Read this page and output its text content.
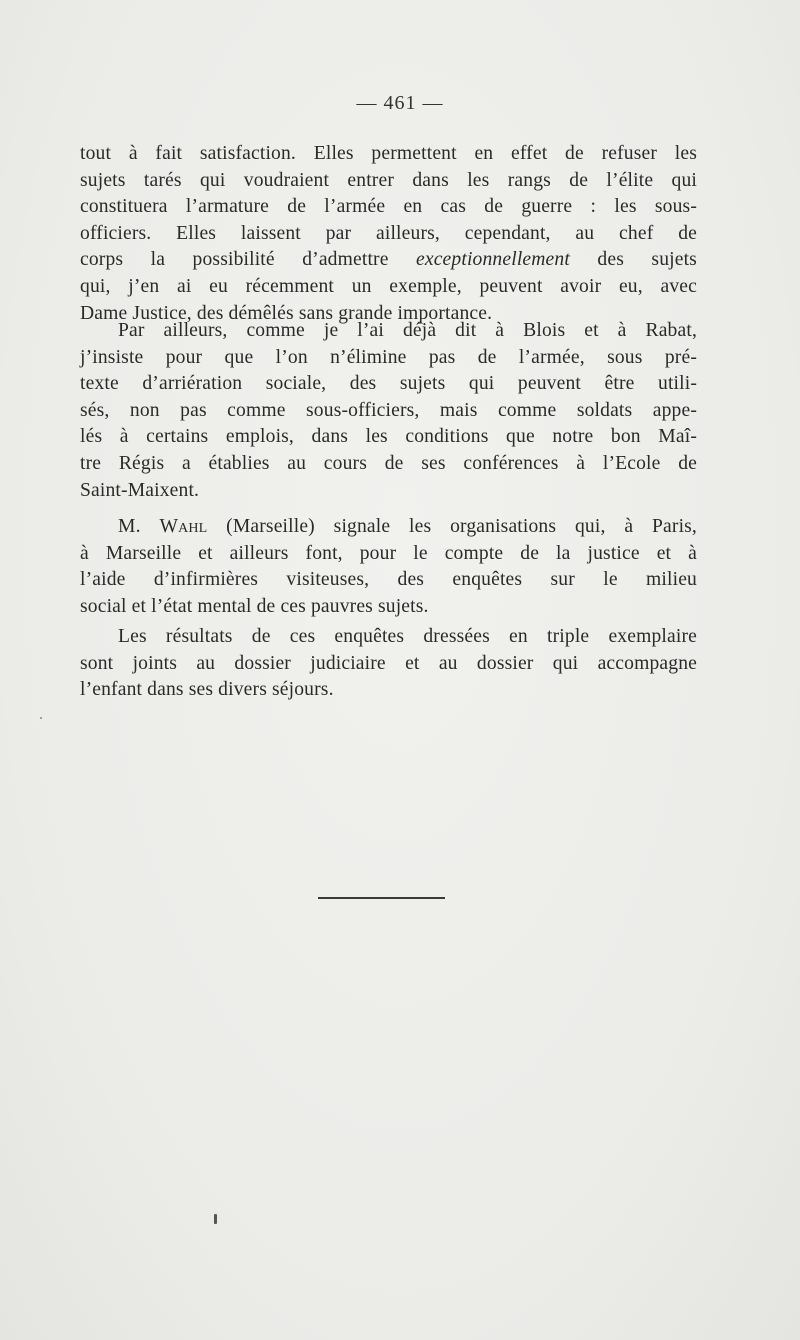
— 461 —
tout à fait satisfaction. Elles permettent en effet de refuser les
sujets tarés qui voudraient entrer dans les rangs de l’élite qui
constituera l’armature de l’armée en cas de guerre : les sous-
officiers. Elles laissent par ailleurs, cependant, au chef de
corps la possibilité d’admettre exceptionnellement des sujets
qui, j’en ai eu récemment un exemple, peuvent avoir eu, avec
Dame Justice, des démêlés sans grande importance.
Par ailleurs, comme je l’ai déjà dit à Blois et à Rabat,
j’insiste pour que l’on n’élimine pas de l’armée, sous pré-
texte d’arriération sociale, des sujets qui peuvent être utili-
sés, non pas comme sous-officiers, mais comme soldats appe-
lés à certains emplois, dans les conditions que notre bon Maî-
tre Régis a établies au cours de ses conférences à l’Ecole de
Saint-Maixent.
M. Wahl (Marseille) signale les organisations qui, à Paris,
à Marseille et ailleurs font, pour le compte de la justice et à
l’aide d’infirmières visiteuses, des enquêtes sur le milieu
social et l’état mental de ces pauvres sujets.
Les résultats de ces enquêtes dressées en triple exemplaire
sont joints au dossier judiciaire et au dossier qui accompagne
l’enfant dans ses divers séjours.
